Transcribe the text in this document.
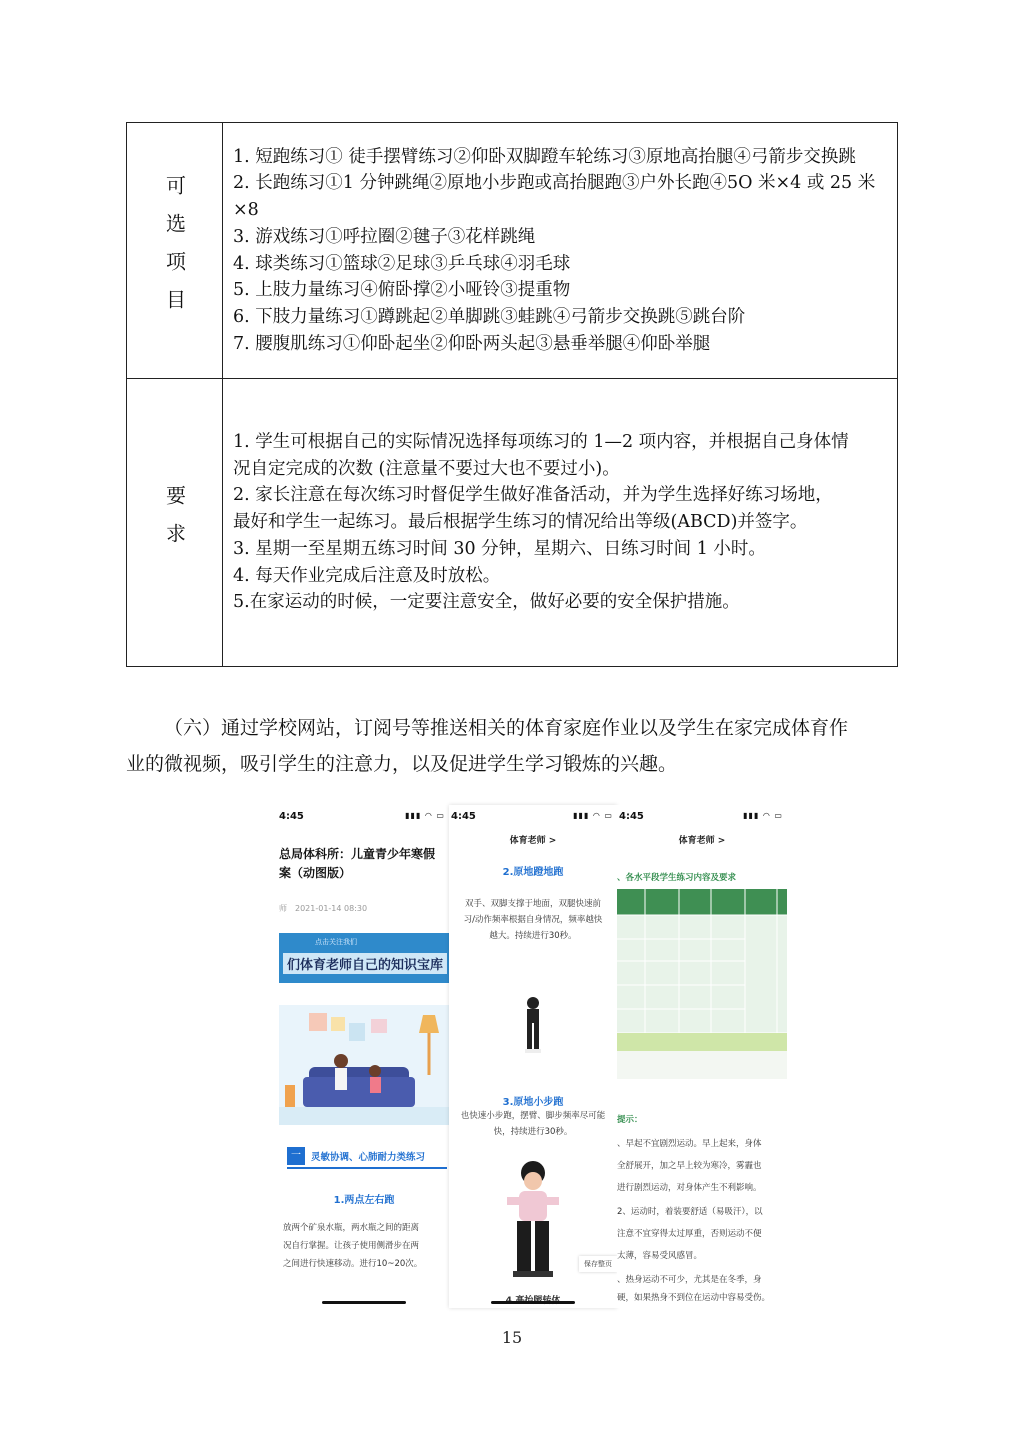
可选项目
1. 短跑练习① 徒手摆臂练习②仰卧双脚蹬车轮练习③原地高抬腿④弓箭步交换跳
2. 长跑练习①1 分钟跳绳②原地小步跑或高抬腿跑③户外长跑④5O 米×4 或 25 米
×8
3. 游戏练习①呼拉圈②毽子③花样跳绳
4. 球类练习①篮球②足球③乒乓球④羽毛球
5. 上肢力量练习④俯卧撑②小哑铃③提重物
6. 下肢力量练习①蹲跳起②单脚跳③蛙跳④弓箭步交换跳⑤跳台阶
7. 腰腹肌练习①仰卧起坐②仰卧两头起③悬垂举腿④仰卧举腿
要求
1. 学生可根据自己的实际情况选择每项练习的 1—2 项内容，并根据自己身体情
况自定完成的次数 (注意量不要过大也不要过小)。
2. 家长注意在每次练习时督促学生做好准备活动，并为学生选择好练习场地，
最好和学生一起练习。最后根据学生练习的情况给出等级(ABCD)并签字。
3. 星期一至星期五练习时间 30 分钟，星期六、日练习时间 1 小时。
4. 每天作业完成后注意及时放松。
5.在家运动的时候，一定要注意安全，做好必要的安全保护措施。
（六）通过学校网站，订阅号等推送相关的体育家庭作业以及学生在家完成体育作
业的微视频，吸引学生的注意力，以及促进学生学习锻炼的兴趣。
4:45	▮▮▮ ◠ ▭
总局体科所：儿童青少年寒假
案（动图版）
师　2021-01-14 08:30
点击关注我们
们体育老师自己的知识宝库
一	灵敏协调、心肺耐力类练习
1.两点左右跑
放两个矿泉水瓶，两水瓶之间的距离
况自行掌握。让孩子使用侧滑步在两
之间进行快速移动。进行10~20次。
4:45	▮▮▮ ◠ ▭
体育老师 >
2.原地蹬地跑
双手、双脚支撑于地面，双腿快速前
习/动作频率根据自身情况，频率越快
越大。持续进行30秒。
3.原地小步跑
也快速小步跑，摆臂、脚步频率尽可能
快，持续进行30秒。
保存整页
4:45	▮▮▮ ◠ ▭
体育老师 >
、各水平段学生练习内容及要求
提示：
、早起不宜剧烈运动。早上起来，身体
全舒展开，加之早上较为寒冷，雾霾也
进行剧烈运动，对身体产生不利影响。
2、运动时，着装要舒适（易吸汗），以
注意不宜穿得太过厚重，否则运动不便
太薄，容易受风感冒。
、热身运动不可少，尤其是在冬季，身
硬，如果热身不到位在运动中容易受伤。
15
